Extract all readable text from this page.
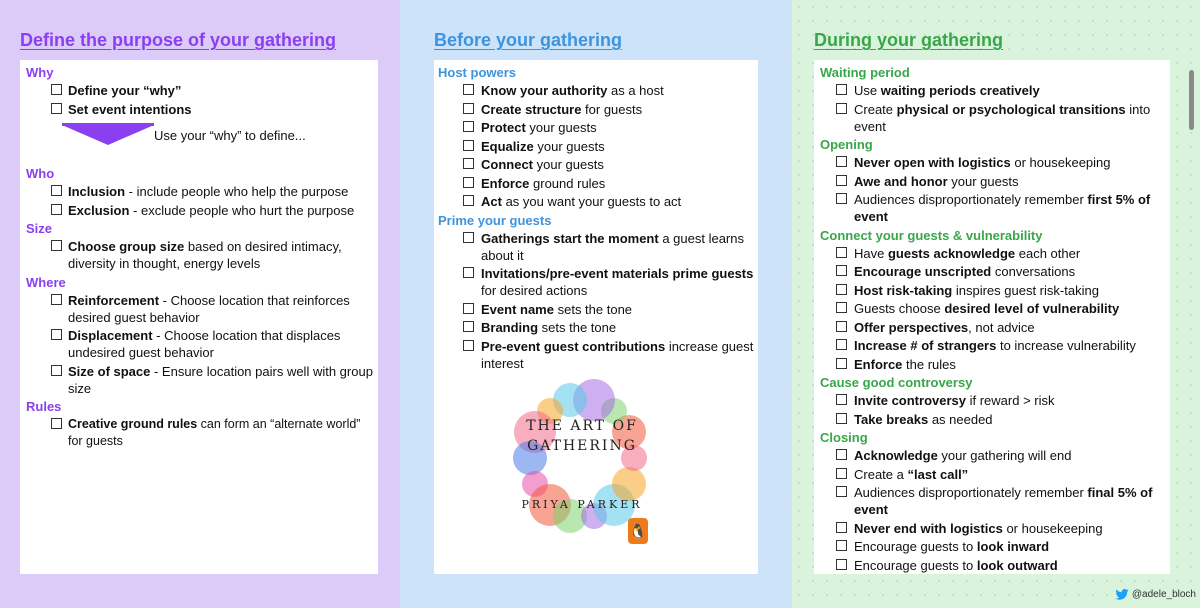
Define the purpose of your gathering
Why
Define your “why”
Set event intentions
Use your “why” to define...
Who
Inclusion - include people who help the purpose
Exclusion - exclude people who hurt the purpose
Size
Choose group size based on desired intimacy, diversity in thought, energy levels
Where
Reinforcement - Choose location that reinforces desired guest behavior
Displacement - Choose location that displaces undesired guest behavior
Size of space - Ensure location pairs well with group size
Rules
Creative ground rules can form an “alternate world” for guests
Before your gathering
Host powers
Know your authority as a host
Create structure for guests
Protect your guests
Equalize your guests
Connect your guests
Enforce ground rules
Act as you want your guests to act
Prime your guests
Gatherings start the moment a guest learns about it
Invitations/pre-event materials prime guests for desired actions
Event name sets the tone
Branding sets the tone
Pre-event guest contributions increase guest interest
THE ART OF
GATHERING
PRIYA PARKER
🐧
During your gathering
Waiting period
Use waiting periods creatively
Create physical or psychological transitions into event
Opening
Never open with logistics or housekeeping
Awe and honor your guests
Audiences disproportionately remember first 5% of event
Connect your guests & vulnerability
Have guests acknowledge each other
Encourage unscripted conversations
Host risk-taking inspires guest risk-taking
Guests choose desired level of vulnerability
Offer perspectives, not advice
Increase # of strangers to increase vulnerability
Enforce the rules
Cause good controversy
Invite controversy if reward > risk
Take breaks as needed
Closing
Acknowledge your gathering will end
Create a “last call”
Audiences disproportionately remember final 5% of event
Never end with logistics or housekeeping
Encourage guests to look inward
Encourage guests to look outward
@adele_bloch
